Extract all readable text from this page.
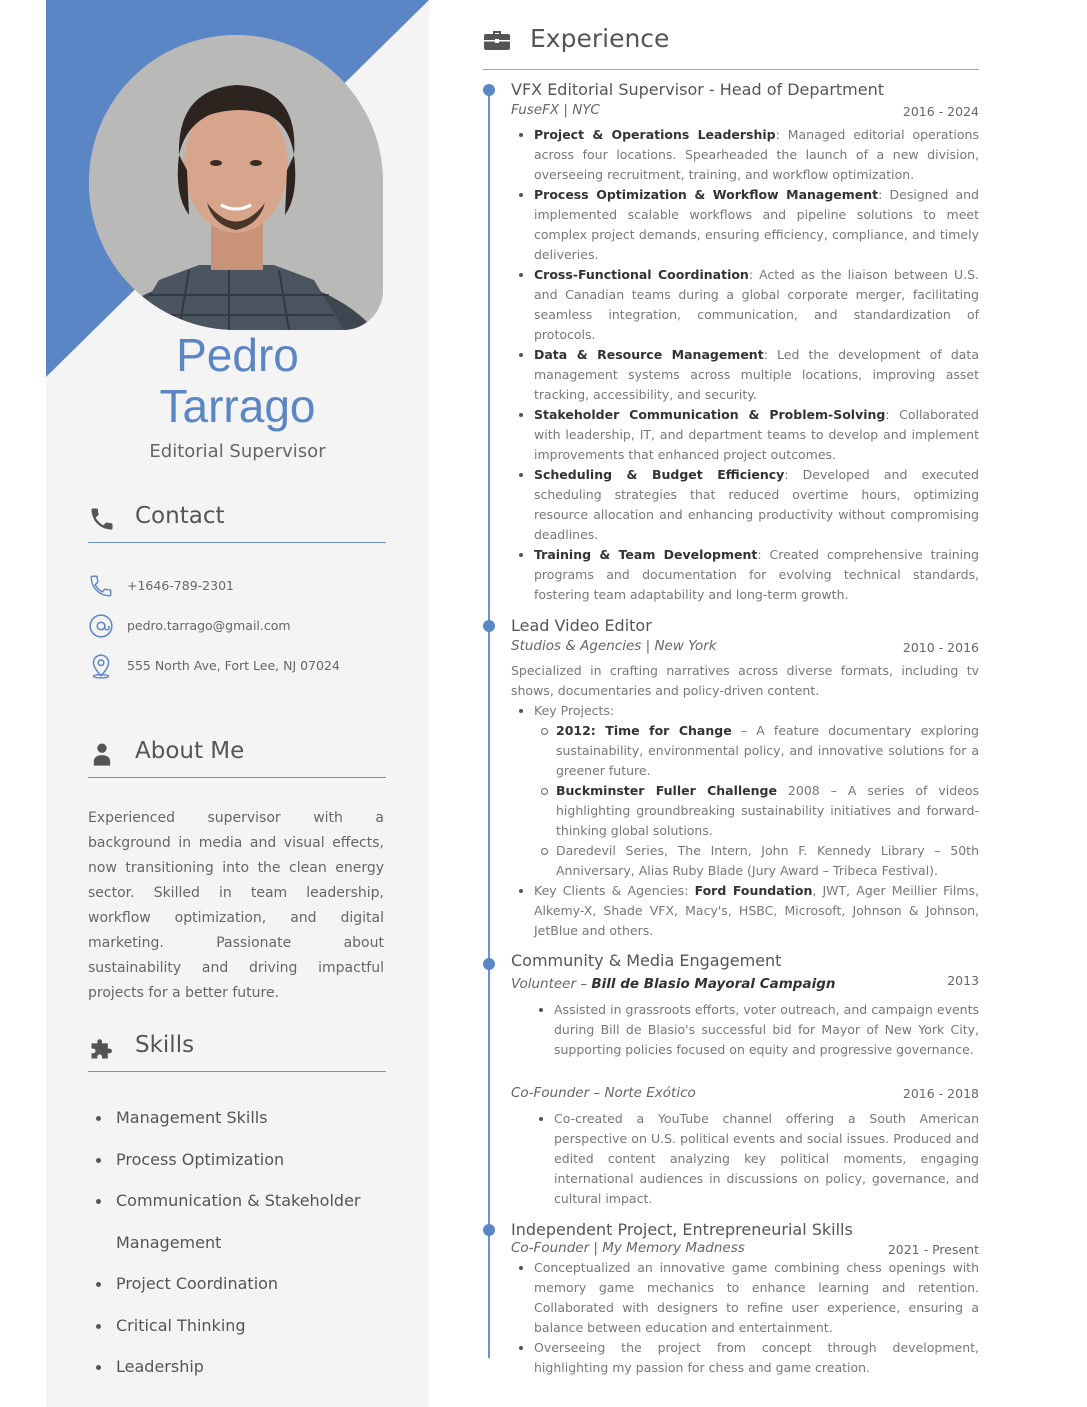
Pedro
Tarrago
Editorial Supervisor
Contact
+1646-789-2301
pedro.tarrago@gmail.com
555 North Ave, Fort Lee, NJ 07024
About Me
Experienced supervisor with a background in media and visual effects, now transitioning into the clean energy sector. Skilled in team leadership, workflow optimization, and digital marketing. Passionate about sustainability and driving impactful projects for a better future.
Skills
Management Skills
Process Optimization
Communication & Stakeholder Management
Project Coordination
Critical Thinking
Leadership
Experience
VFX Editorial Supervisor - Head of Department
FuseFX | NYC	2016 - 2024
Project & Operations Leadership: Managed editorial operations across four locations. Spearheaded the launch of a new division, overseeing recruitment, training, and workflow optimization.
Process Optimization & Workflow Management: Designed and implemented scalable workflows and pipeline solutions to meet complex project demands, ensuring efficiency, compliance, and timely deliveries.
Cross-Functional Coordination: Acted as the liaison between U.S. and Canadian teams during a global corporate merger, facilitating seamless integration, communication, and standardization of protocols.
Data & Resource Management: Led the development of data management systems across multiple locations, improving asset tracking, accessibility, and security.
Stakeholder Communication & Problem-Solving: Collaborated with leadership, IT, and department teams to develop and implement improvements that enhanced project outcomes.
Scheduling & Budget Efficiency: Developed and executed scheduling strategies that reduced overtime hours, optimizing resource allocation and enhancing productivity without compromising deadlines.
Training & Team Development: Created comprehensive training programs and documentation for evolving technical standards, fostering team adaptability and long-term growth.
Lead Video Editor
Studios & Agencies | New York	2010 - 2016
Specialized in crafting narratives across diverse formats, including tv shows, documentaries and policy-driven content.
Key Projects:
2012: Time for Change – A feature documentary exploring sustainability, environmental policy, and innovative solutions for a greener future.
Buckminster Fuller Challenge 2008 – A series of videos highlighting groundbreaking sustainability initiatives and forward-thinking global solutions.
Daredevil Series, The Intern, John F. Kennedy Library – 50th Anniversary, Alias Ruby Blade (Jury Award – Tribeca Festival).
Key Clients & Agencies: Ford Foundation, JWT, Ager Meillier Films, Alkemy-X, Shade VFX, Macy's, HSBC, Microsoft, Johnson & Johnson, JetBlue and others.
Community & Media Engagement
Volunteer – Bill de Blasio Mayoral Campaign	2013
Assisted in grassroots efforts, voter outreach, and campaign events during Bill de Blasio's successful bid for Mayor of New York City, supporting policies focused on equity and progressive governance.
Co-Founder – Norte Exótico	2016 - 2018
Co-created a YouTube channel offering a South American perspective on U.S. political events and social issues. Produced and edited content analyzing key political moments, engaging international audiences in discussions on policy, governance, and cultural impact.
Independent Project, Entrepreneurial Skills
Co-Founder | My Memory Madness	2021 - Present
Conceptualized an innovative game combining chess openings with memory game mechanics to enhance learning and retention. Collaborated with designers to refine user experience, ensuring a balance between education and entertainment.
Overseeing the project from concept through development, highlighting my passion for chess and game creation.
